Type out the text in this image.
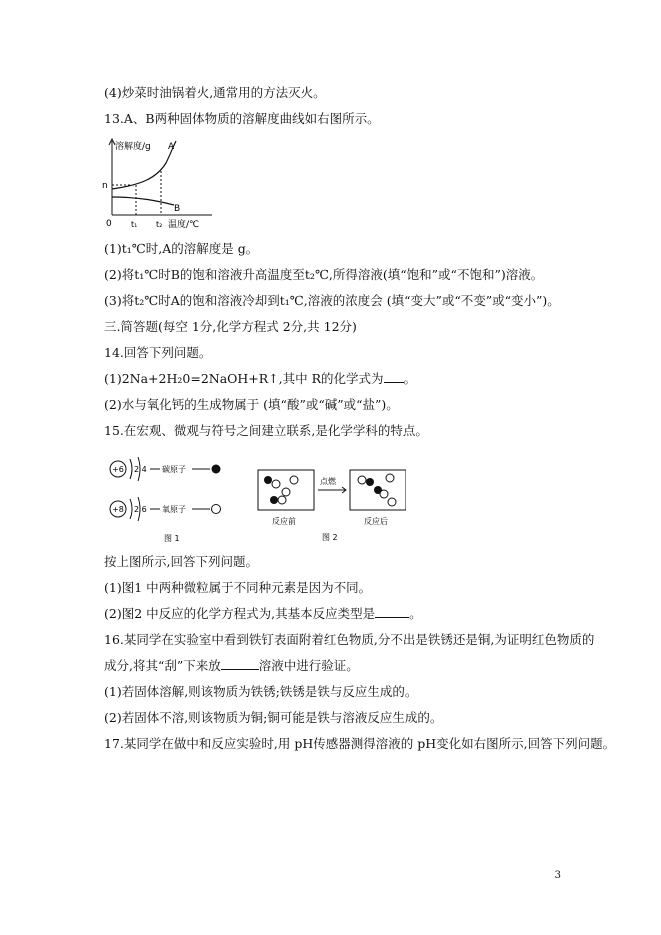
(4)炒菜时油锅着火,通常用的方法灭火。
13.A、B两种固体物质的溶解度曲线如右图所示。
溶解度/g
n
A
B
0 t₁ t₂ 温度/℃
(1)t₁℃时,A的溶解度是 g。
(2)将t₁℃时B的饱和溶液升高温度至t₂℃,所得溶液(填“饱和”或“不饱和”)溶液。
(3)将t₂℃时A的饱和溶液冷却到t₁℃,溶液的浓度会 (填“变大”或“不变”或“变小”)。
三.简答题(每空 1分,化学方程式 2分,共 12分)
14.回答下列问题。
(1)2Na+2H₂0=2NaOH+R↑,其中 R的化学式为 。
(2)水与氧化钙的生成物属于 (填“酸”或“碱”或“盐”)。
15.在宏观、微观与符号之间建立联系,是化学学科的特点。
+6 2 4 碳原子
+8 2 6 氧原子
图 1
点燃
反应前	反应后
图 2
按上图所示,回答下列问题。
(1)图1 中两种微粒属于不同种元素是因为不同。
(2)图2 中反应的化学方程式为,其基本反应类型是	。
16.某同学在实验室中看到铁钉表面附着红色物质,分不出是铁锈还是铜,为证明红色物质的
成分,将其“刮”下来放	溶液中进行验证。
(1)若固体溶解,则该物质为铁锈;铁锈是铁与反应生成的。
(2)若固体不溶,则该物质为铜;铜可能是铁与溶液反应生成的。
17.某同学在做中和反应实验时,用 pH传感器测得溶液的 pH变化如右图所示,回答下列问题。
3
